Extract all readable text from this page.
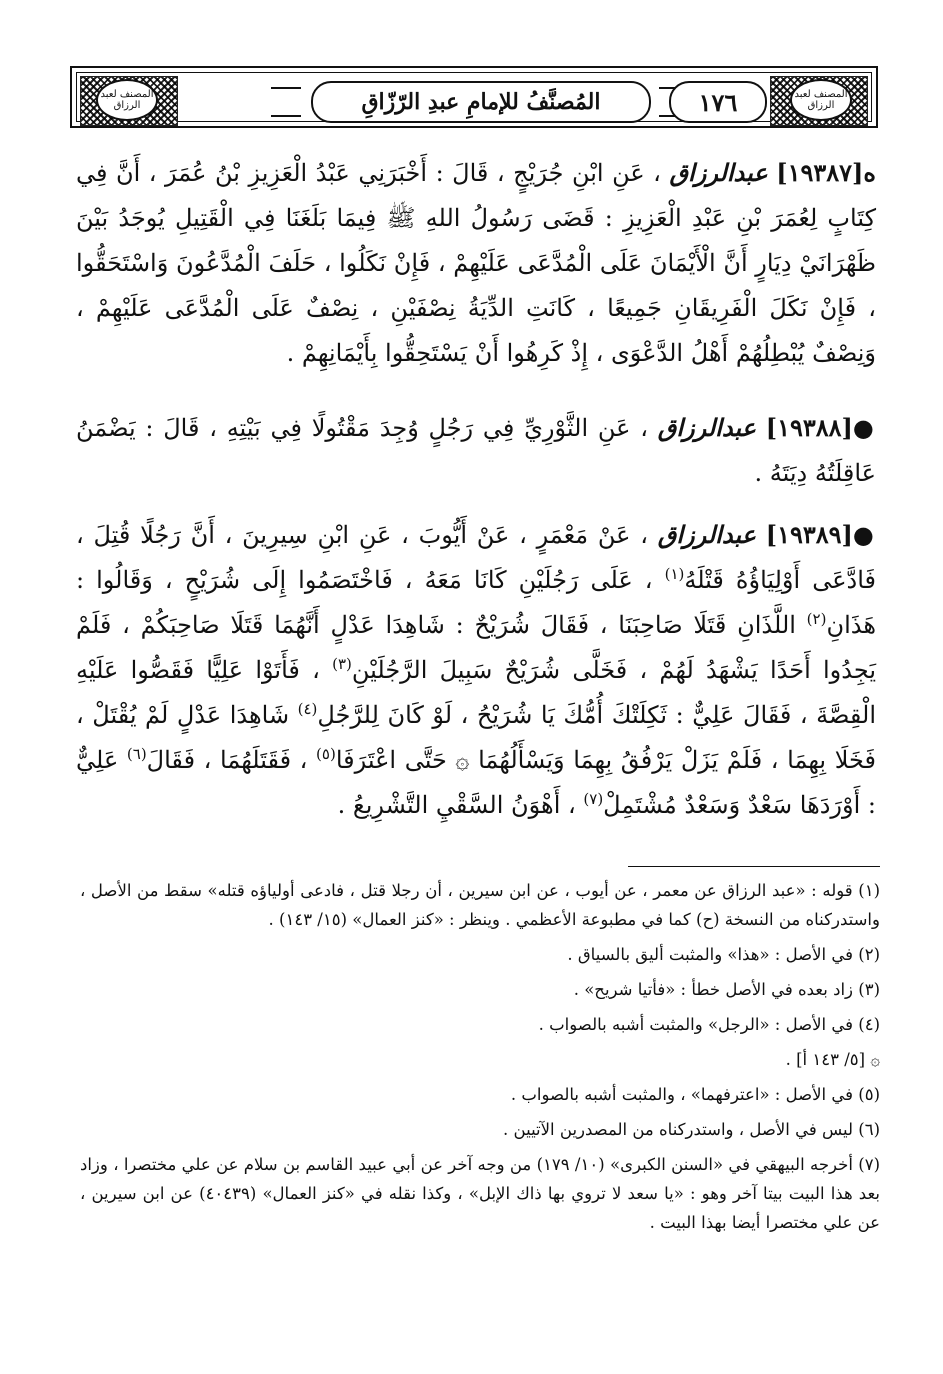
المصنف لعبد الرزاق
المصنف لعبد الرزاق
المُصنَّفُ للإمامِ عبدِ الرّزّاقِ	١٧٦

ه[١٩٣٨٧] عبدالرزاق ، عَنِ ابْنِ جُرَيْجٍ ، قَالَ : أَخْبَرَنِي عَبْدُ الْعَزِيزِ بْنُ عُمَرَ ، أَنَّ فِي كِتَابٍ لِعُمَرَ بْنِ عَبْدِ الْعَزِيزِ : قَضَى رَسُولُ اللهِ ﷺ فِيمَا بَلَغَنَا فِي الْقَتِيلِ يُوجَدُ بَيْنَ ظَهْرَانَيْ دِيَارٍ أَنَّ الْأَيْمَانَ عَلَى الْمُدَّعَى عَلَيْهِمْ ، فَإِنْ نَكَلُوا ، حَلَفَ الْمُدَّعُونَ وَاسْتَحَقُّوا ، فَإِنْ نَكَلَ الْفَرِيقَانِ جَمِيعًا ، كَانَتِ الدِّيَةُ نِصْفَيْنِ ، نِصْفٌ عَلَى الْمُدَّعَى عَلَيْهِمْ ، وَنِصْفٌ يُبْطِلُهُمْ أَهْلُ الدَّعْوَى ، إِذْ كَرِهُوا أَنْ يَسْتَحِقُّوا بِأَيْمَانِهِمْ .

●[١٩٣٨٨] عبدالرزاق ، عَنِ الثَّوْرِيِّ فِي رَجُلٍ وُجِدَ مَقْتُولًا فِي بَيْتِهِ ، قَالَ : يَضْمَنُ عَاقِلَتُهُ دِيَتَهُ .

●[١٩٣٨٩] عبدالرزاق ، عَنْ مَعْمَرٍ ، عَنْ أَيُّوبَ ، عَنِ ابْنِ سِيرِينَ ، أَنَّ رَجُلًا قُتِلَ ، فَادَّعَى أَوْلِيَاؤُهُ قَتْلَهُ$^{(١)}$ ، عَلَى رَجُلَيْنِ كَانَا مَعَهُ ، فَاخْتَصَمُوا إِلَى شُرَيْحٍ ، وَقَالُوا : هَذَانِ$^{(٢)}$ اللَّذَانِ قَتَلَا صَاحِبَنَا ، فَقَالَ شُرَيْحٌ : شَاهِدَا عَدْلٍ أَنَّهُمَا قَتَلَا صَاحِبَكُمْ ، فَلَمْ يَجِدُوا أَحَدًا يَشْهَدُ لَهُمْ ، فَخَلَّى شُرَيْحٌ سَبِيلَ الرَّجُلَيْنِ$^{(٣)}$ ، فَأَتَوْا عَلِيًّا فَقَصُّوا عَلَيْهِ الْقِصَّةَ ، فَقَالَ عَلِيٌّ : ثَكِلَتْكَ أُمُّكَ يَا شُرَيْحُ ، لَوْ كَانَ لِلرَّجُلِ$^{(٤)}$ شَاهِدَا عَدْلٍ لَمْ يُقْتَلْ ، فَخَلَا بِهِمَا ، فَلَمْ يَزَلْ يَرْفُقُ بِهِمَا وَيَسْأَلُهُمَا ۞ حَتَّى اعْتَرَفَا$^{(٥)}$ ، فَقَتَلَهُمَا ، فَقَالَ$^{(٦)}$ عَلِيٌّ : أَوْرَدَهَا سَعْدٌ وَسَعْدٌ مُشْتَمِلْ$^{(٧)}$ ، أَهْوَنُ السَّقْيِ التَّشْرِيعُ .

(١) قوله : «عبد الرزاق عن معمر ، عن أيوب ، عن ابن سيرين ، أن رجلا قتل ، فادعى أولياؤه قتله» سقط من الأصل ، واستدركناه من النسخة (ح) كما في مطبوعة الأعظمي . وينظر : «كنز العمال» (١٥/ ١٤٣) .
(٢) في الأصل : «هذا» والمثبت أليق بالسياق .
(٣) زاد بعده في الأصل خطأ : «فأتيا شريح» .
(٤) في الأصل : «الرجل» والمثبت أشبه بالصواب .
۞ [٥/ ١٤٣ أ] .
(٥) في الأصل : «اعترفهما» ، والمثبت أشبه بالصواب .
(٦) ليس في الأصل ، واستدركناه من المصدرين الآتيين .
(٧) أخرجه البيهقي في «السنن الكبرى» (١٠/ ١٧٩) من وجه آخر عن أبي عبيد القاسم بن سلام عن علي مختصرا ، وزاد بعد هذا البيت بيتا آخر وهو : «يا سعد لا تروي بها ذاك الإبل» ، وكذا نقله في «كنز العمال» (٤٠٤٣٩) عن ابن سيرين ، عن علي مختصرا أيضا بهذا البيت .
